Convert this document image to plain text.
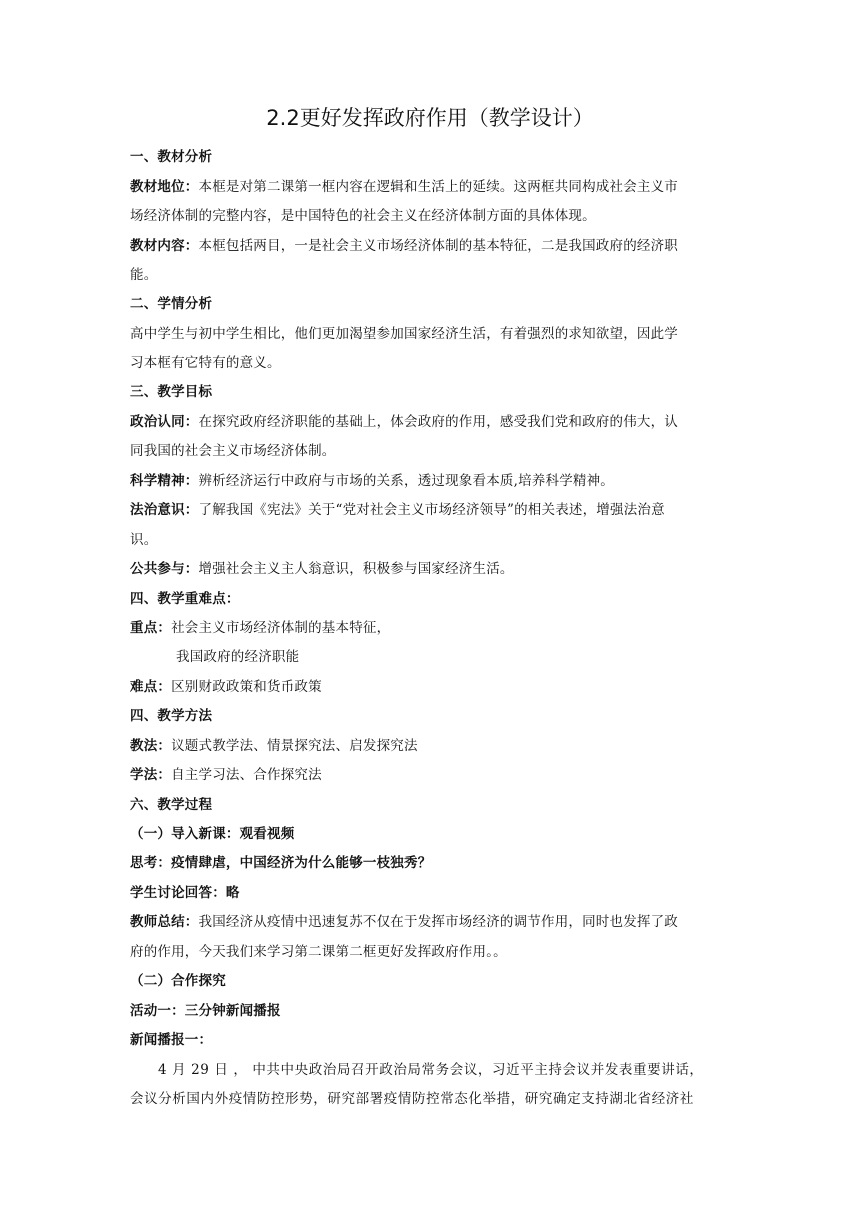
2.2更好发挥政府作用（教学设计）
一、教材分析
教材地位：本框是对第二课第一框内容在逻辑和生活上的延续。这两框共同构成社会主义市
场经济体制的完整内容，是中国特色的社会主义在经济体制方面的具体体现。
教材内容：本框包括两目，一是社会主义市场经济体制的基本特征，二是我国政府的经济职
能。
二、学情分析
高中学生与初中学生相比，他们更加渴望参加国家经济生活，有着强烈的求知欲望，因此学
习本框有它特有的意义。
三、教学目标
政治认同：在探究政府经济职能的基础上，体会政府的作用，感受我们党和政府的伟大，认
同我国的社会主义市场经济体制。
科学精神：辨析经济运行中政府与市场的关系，透过现象看本质,培养科学精神。
法治意识：了解我国《宪法》关于“党对社会主义市场经济领导”的相关表述，增强法治意
识。
公共参与：增强社会主义主人翁意识，积极参与国家经济生活。
四、教学重难点：
重点：社会主义市场经济体制的基本特征，
我国政府的经济职能
难点：区别财政政策和货币政策
四、教学方法
教法：议题式教学法、情景探究法、启发探究法
学法：自主学习法、合作探究法
六、教学过程
（一）导入新课：观看视频
思考：疫情肆虐，中国经济为什么能够一枝独秀？
学生讨论回答：略
教师总结：我国经济从疫情中迅速复苏不仅在于发挥市场经济的调节作用，同时也发挥了政
府的作用，今天我们来学习第二课第二框更好发挥政府作用。。
（二）合作探究
活动一：三分钟新闻播报
新闻播报一：
4 月 29 日 ， 中共中央政治局召开政治局常务会议，习近平主持会议并发表重要讲话，
会议分析国内外疫情防控形势，研究部署疫情防控常态化举措，研究确定支持湖北省经济社
